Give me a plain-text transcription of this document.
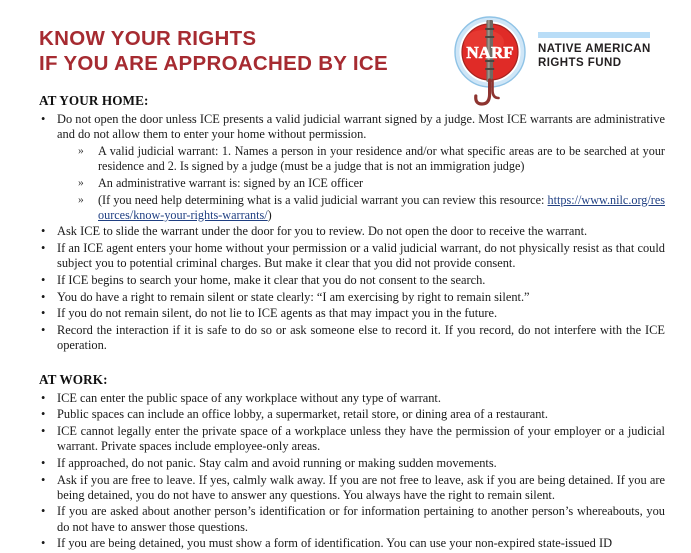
KNOW YOUR RIGHTS
IF YOU ARE APPROACHED BY ICE	NARF NATIVE AMERICAN
RIGHTS FUND
AT YOUR HOME:
• Do not open the door unless ICE presents a valid judicial warrant signed by a judge. Most ICE warrants are administrative and do not allow them to enter your home without permission.
» A valid judicial warrant: 1. Names a person in your residence and/or what specific areas are to be searched at your residence and 2. Is signed by a judge (must be a judge that is not an immigration judge)
» An administrative warrant is: signed by an ICE officer
» (If you need help determining what is a valid judicial warrant you can review this resource: https://www.nilc.org/resources/know-your-rights-warrants/)
• Ask ICE to slide the warrant under the door for you to review. Do not open the door to receive the warrant.
• If an ICE agent enters your home without your permission or a valid judicial warrant, do not physically resist as that could subject you to potential criminal charges. But make it clear that you did not provide consent.
• If ICE begins to search your home, make it clear that you do not consent to the search.
• You do have a right to remain silent or state clearly: “I am exercising by right to remain silent.”
• If you do not remain silent, do not lie to ICE agents as that may impact you in the future.
• Record the interaction if it is safe to do so or ask someone else to record it. If you record, do not interfere with the ICE operation.
AT WORK:
• ICE can enter the public space of any workplace without any type of warrant.
• Public spaces can include an office lobby, a supermarket, retail store, or dining area of a restaurant.
• ICE cannot legally enter the private space of a workplace unless they have the permission of your employer or a judicial warrant. Private spaces include employee-only areas.
• If approached, do not panic. Stay calm and avoid running or making sudden movements.
• Ask if you are free to leave. If yes, calmly walk away. If you are not free to leave, ask if you are being detained. If you are being detained, you do not have to answer any questions. You always have the right to remain silent.
• If you are asked about another person’s identification or for information pertaining to another person’s whereabouts, you do not have to answer those questions.
• If you are being detained, you must show a form of identification. You can use your non-expired state-issued ID
